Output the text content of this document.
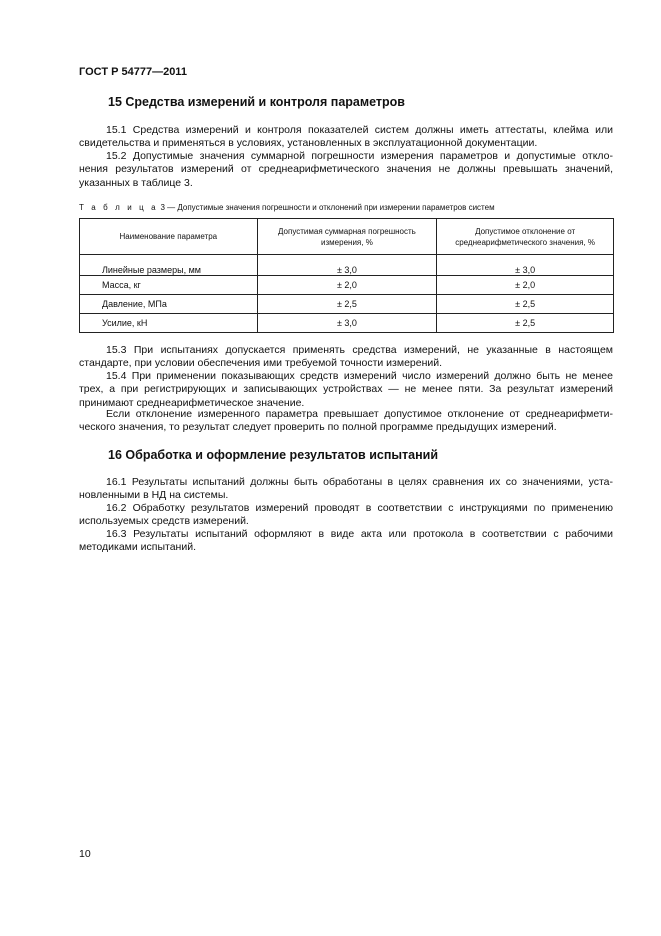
ГОСТ Р 54777—2011
15 Средства измерений и контроля параметров

15.1 Средства измерений и контроля показателей систем должны иметь аттестаты, клейма или
свидетельства и применяться в условиях, установленных в эксплуатационной документации.

15.2 Допустимые значения суммарной погрешности измерения параметров и допустимые откло-
нения результатов измерений от среднеарифметического значения не должны превышать значений,
указанных в таблице 3.

Т а б л и ц а 3 — Допустимые значения погрешности и отклонений при измерении параметров систем
Наименование параметра	Допустимая суммарная погрешность измерения, %	Допустимое отклонение от среднеарифметического значения, %
Линейные размеры, мм	± 3,0	± 3,0
Масса, кг	± 2,0	± 2,0
Давление, МПа	± 2,5	± 2,5
Усилие, кН	± 3,0	± 2,5

15.3 При испытаниях допускается применять средства измерений, не указанные в настоящем
стандарте, при условии обеспечения ими требуемой точности измерений.

15.4 При применении показывающих средств измерений число измерений должно быть не менее
трех, а при регистрирующих и записывающих устройствах — не менее пяти. За результат измерений
принимают среднеарифметическое значение.

Если отклонение измеренного параметра превышает допустимое отклонение от среднеарифмети-
ческого значения, то результат следует проверить по полной программе предыдущих измерений.

16 Обработка и оформление результатов испытаний

16.1 Результаты испытаний должны быть обработаны в целях сравнения их со значениями, уста-
новленными в НД на системы.

16.2 Обработку результатов измерений проводят в соответствии с инструкциями по применению
используемых средств измерений.

16.3 Результаты испытаний оформляют в виде акта или протокола в соответствии с рабочими
методиками испытаний.

10
